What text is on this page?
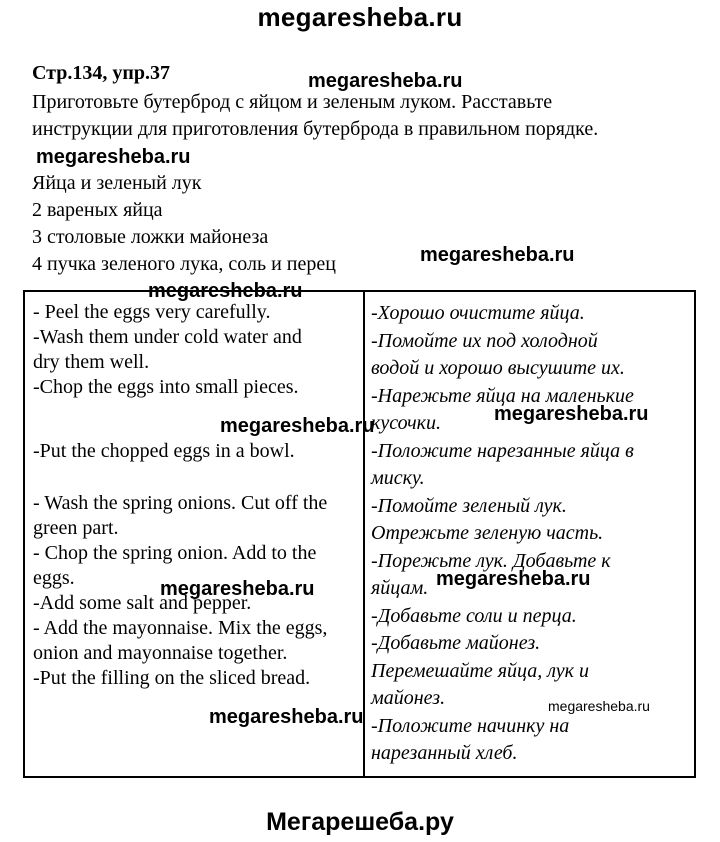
megaresheba.ru
Стр.134, упр.37
Приготовьте бутерброд с яйцом и зеленым луком. Расставьте
инструкции для приготовления бутерброда в правильном порядке.
Яйца и зеленый лук
2 вареных яйца
3 столовые ложки майонеза
4 пучка зеленого лука, соль и перец
- Peel the eggs very carefully.
-Wash them under cold water and
dry them well.
-Chop the eggs into small pieces.
-Put the chopped eggs in a bowl.
- Wash the spring onions. Cut off the
green part.
- Chop the spring onion. Add to the
eggs.
-Add some salt and pepper.
- Add the mayonnaise. Mix the eggs,
onion and mayonnaise together.
-Put the filling on the sliced bread.
-Хорошо очистите яйца.
-Помойте их под холодной
водой и хорошо высушите их.
-Нарежьте яйца на маленькие
кусочки.
-Положите нарезанные яйца в
миску.
-Помойте зеленый лук.
Отрежьте зеленую часть.
-Порежьте лук. Добавьте к
яйцам.
-Добавьте соли и перца.
-Добавьте майонез.
Перемешайте яйца, лук и
майонез.
-Положите начинку на
нарезанный хлеб.
megaresheba.ru
megaresheba.ru
megaresheba.ru
megaresheba.ru
megaresheba.ru
megaresheba.ru
megaresheba.ru	megaresheba.ru
megaresheba.ru	megaresheba.ru
Мегарешеба.ру
